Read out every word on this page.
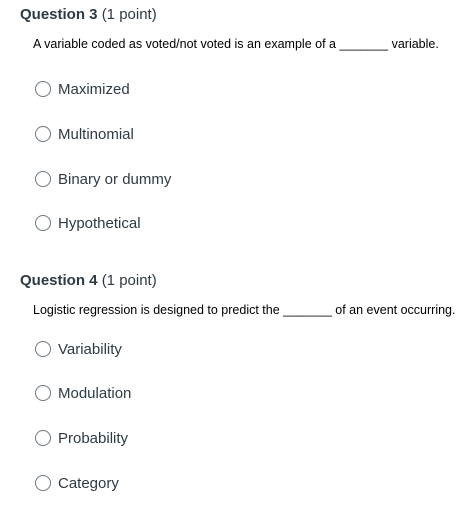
Question 3 (1 point)
A variable coded as voted/not voted is an example of a _______ variable.
Maximized
Multinomial
Binary or dummy
Hypothetical
Question 4 (1 point)
Logistic regression is designed to predict the _______ of an event occurring.
Variability
Modulation
Probability
Category
